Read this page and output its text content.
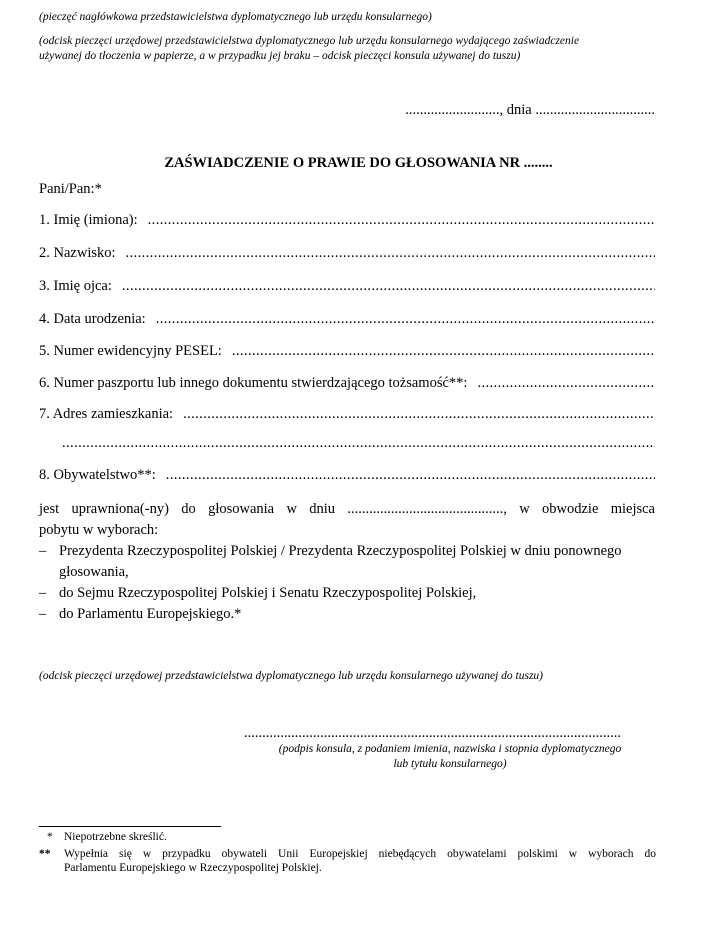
(pieczęć nagłówkowa przedstawicielstwa dyplomatycznego lub urzędu konsularnego)
(odcisk pieczęci urzędowej przedstawicielstwa dyplomatycznego lub urzędu konsularnego wydającego zaświadczenie
używanej do tłoczenia w papierze, a w przypadku jej braku – odcisk pieczęci konsula używanej do tuszu)
.........................., dnia .................................
ZAŚWIADCZENIE O PRAWIE DO GŁOSOWANIA NR ........
Pani/Pan:*
1. Imię (imiona):
.....
2. Nazwisko:
.....
3. Imię ojca:
.....
4. Data urodzenia:
.....
5. Numer ewidencyjny PESEL:
.....
6. Numer paszportu lub innego dokumentu stwierdzającego tożsamość**:
.....
7. Adres zamieszkania:
.....
.....
8. Obywatelstwo**:
.....
jest uprawniona(-ny) do głosowania w dniu ..........................................., w obwodzie miejsca
pobytu w wyborach:
– Prezydenta Rzeczypospolitej Polskiej / Prezydenta Rzeczypospolitej Polskiej w dniu ponownego
głosowania,
– do Sejmu Rzeczypospolitej Polskiej i Senatu Rzeczypospolitej Polskiej,
– do Parlamentu Europejskiego.*
(odcisk pieczęci urzędowej przedstawicielstwa dyplomatycznego lub urzędu konsularnego używanej do tuszu)
........................................................................................................
(podpis konsula, z podaniem imienia, nazwiska i stopnia dyplomatycznego
lub tytułu konsularnego)
* Niepotrzebne skreślić.
** Wypełnia się w przypadku obywateli Unii Europejskiej niebędących obywatelami polskimi w wyborach do
Parlamentu Europejskiego w Rzeczypospolitej Polskiej.
